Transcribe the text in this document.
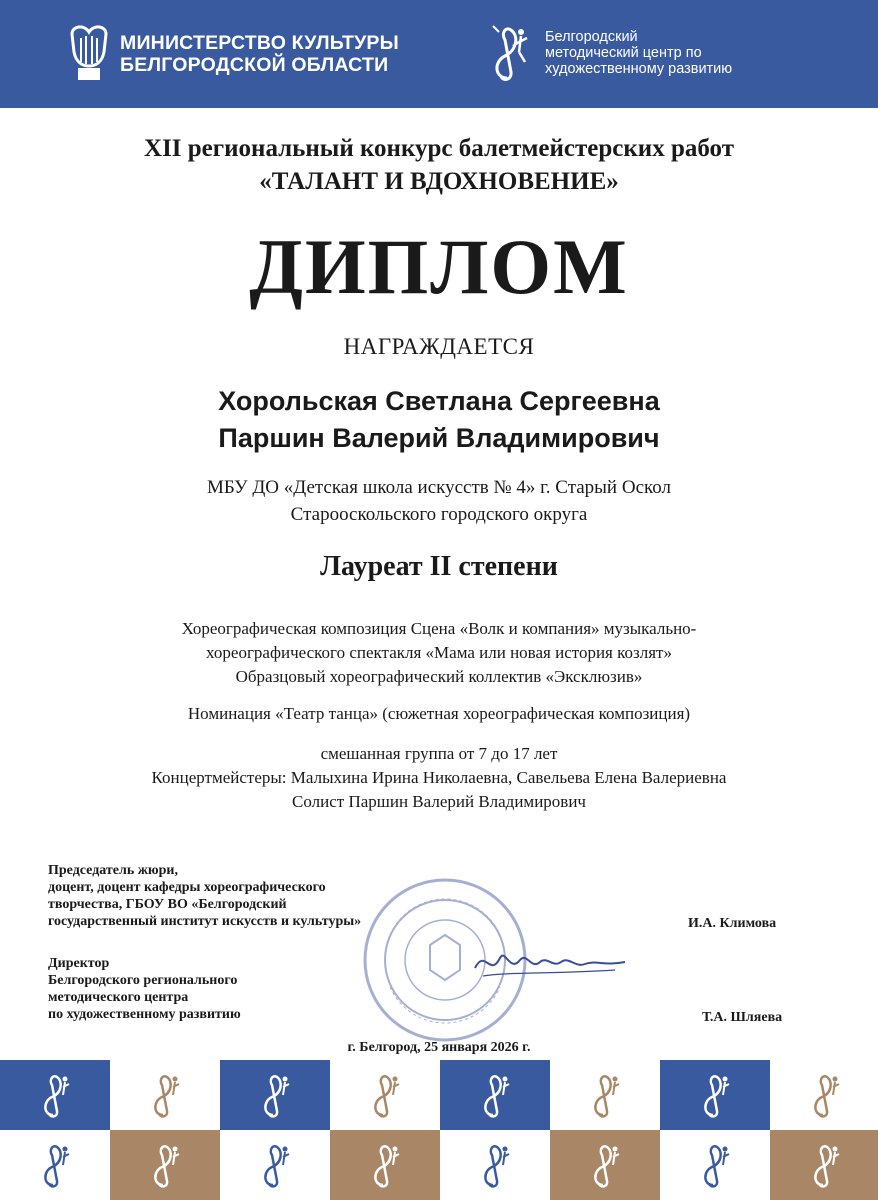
МИНИСТЕРСТВО КУЛЬТУРЫ
БЕЛГОРОДСКОЙ ОБЛАСТИ
Белгородский
методический центр по
художественному развитию
XII региональный конкурс балетмейстерских работ
«ТАЛАНТ И ВДОХНОВЕНИЕ»
ДИПЛОМ
НАГРАЖДАЕТСЯ
Хорольская Светлана Сергеевна
Паршин Валерий Владимирович
МБУ ДО «Детская школа искусств № 4» г. Старый Оскол
Старооскольского городского округа
Лауреат II степени
Хореографическая композиция Сцена «Волк и компания» музыкально-
хореографического спектакля «Мама или новая история козлят»
Образцовый хореографический коллектив «Эксклюзив»
Номинация «Театр танца» (сюжетная хореографическая композиция)
смешанная группа от 7 до 17 лет
Концертмейстеры: Малыхина Ирина Николаевна, Савельева Елена Валериевна
Солист Паршин Валерий Владимирович
Председатель жюри,
доцент, доцент кафедры хореографического
творчества, ГБОУ ВО «Белгородский
государственный институт искусств и культуры»	И.А. Климова
Директор
Белгородского регионального
методического центра
по художественному развитию	Т.А. Шляева
г. Белгород, 25 января 2026 г.
